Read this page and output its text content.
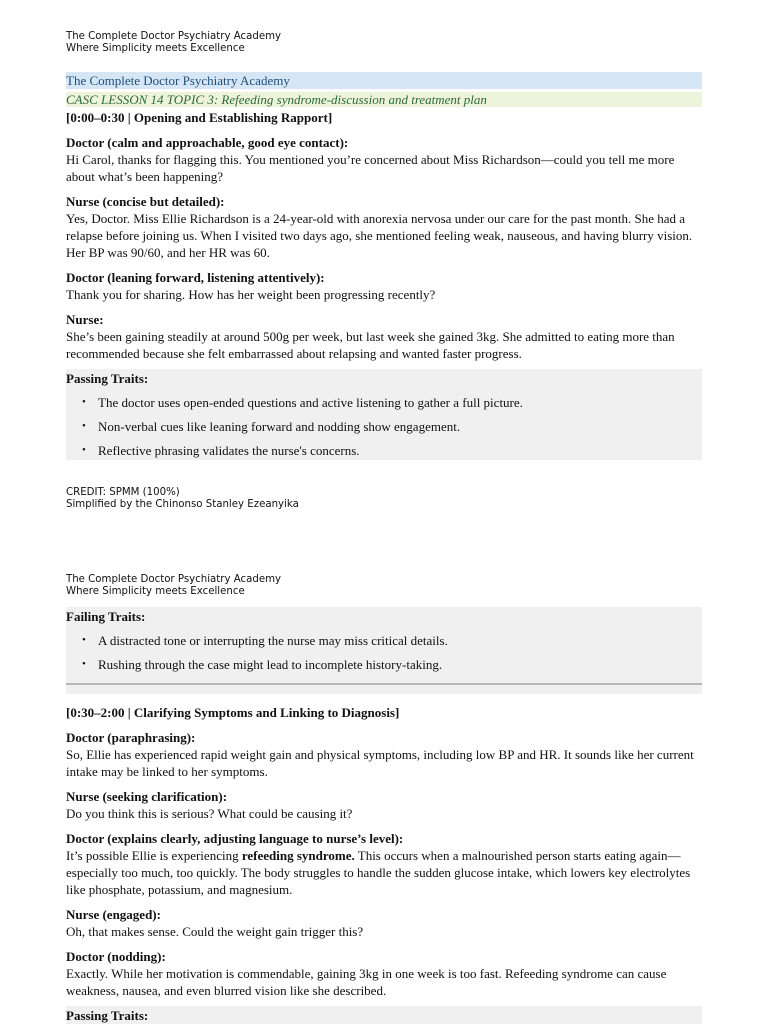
The Complete Doctor Psychiatry Academy
Where Simplicity meets Excellence
The Complete Doctor Psychiatry Academy
CASC LESSON 14 TOPIC 3: Refeeding syndrome-discussion and treatment plan
[0:00–0:30 | Opening and Establishing Rapport]
Doctor (calm and approachable, good eye contact):
Hi Carol, thanks for flagging this. You mentioned you’re concerned about Miss Richardson—could you tell me more about what’s been happening?
Nurse (concise but detailed):
Yes, Doctor. Miss Ellie Richardson is a 24-year-old with anorexia nervosa under our care for the past month. She had a relapse before joining us. When I visited two days ago, she mentioned feeling weak, nauseous, and having blurry vision. Her BP was 90/60, and her HR was 60.
Doctor (leaning forward, listening attentively):
Thank you for sharing. How has her weight been progressing recently?
Nurse:
She’s been gaining steadily at around 500g per week, but last week she gained 3kg. She admitted to eating more than recommended because she felt embarrassed about relapsing and wanted faster progress.
Passing Traits:
• The doctor uses open-ended questions and active listening to gather a full picture.
• Non-verbal cues like leaning forward and nodding show engagement.
• Reflective phrasing validates the nurse's concerns.
CREDIT: SPMM (100%)
Simplified by the Chinonso Stanley Ezeanyika
The Complete Doctor Psychiatry Academy
Where Simplicity meets Excellence
Failing Traits:
• A distracted tone or interrupting the nurse may miss critical details.
• Rushing through the case might lead to incomplete history-taking.
[0:30–2:00 | Clarifying Symptoms and Linking to Diagnosis]
Doctor (paraphrasing):
So, Ellie has experienced rapid weight gain and physical symptoms, including low BP and HR. It sounds like her current intake may be linked to her symptoms.
Nurse (seeking clarification):
Do you think this is serious? What could be causing it?
Doctor (explains clearly, adjusting language to nurse’s level):
It’s possible Ellie is experiencing refeeding syndrome. This occurs when a malnourished person starts eating again—especially too much, too quickly. The body struggles to handle the sudden glucose intake, which lowers key electrolytes like phosphate, potassium, and magnesium.
Nurse (engaged):
Oh, that makes sense. Could the weight gain trigger this?
Doctor (nodding):
Exactly. While her motivation is commendable, gaining 3kg in one week is too fast. Refeeding syndrome can cause weakness, nausea, and even blurred vision like she described.
Passing Traits:
